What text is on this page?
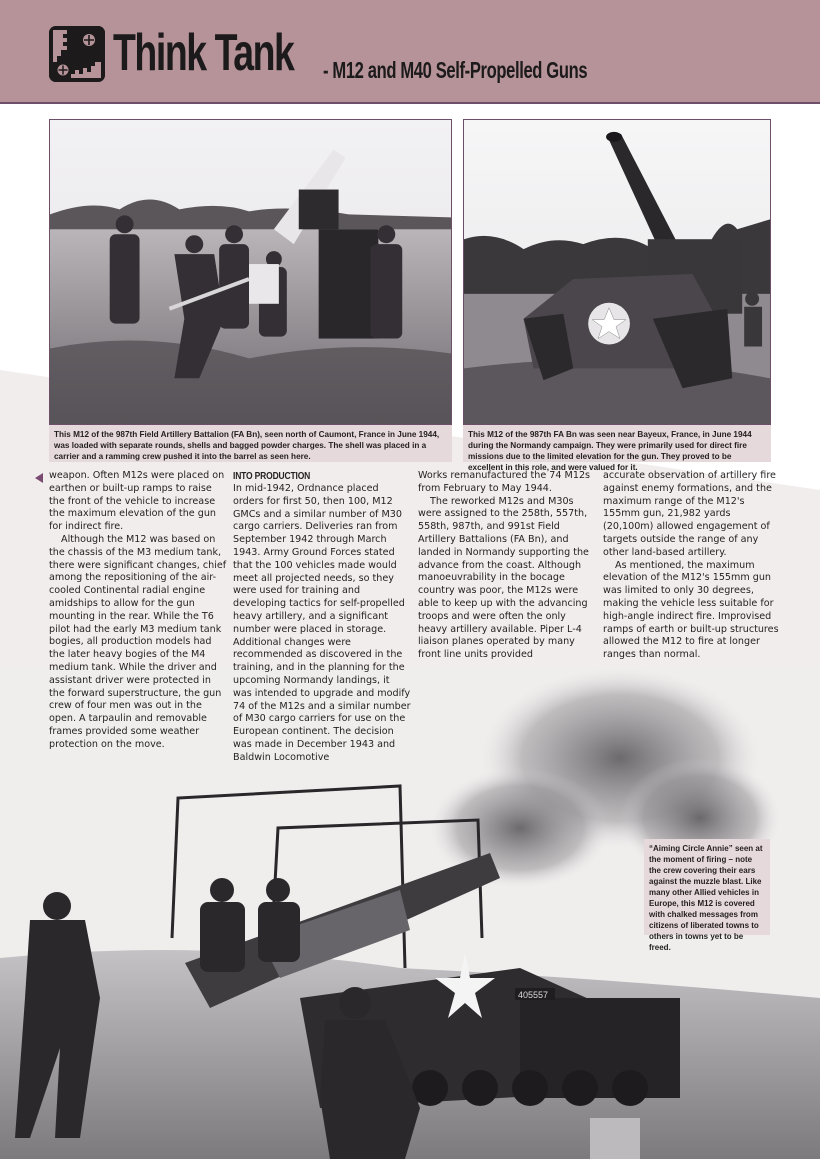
Think Tank - M12 and M40 Self-Propelled Guns
This M12 of the 987th Field Artillery Battalion (FA Bn), seen north of Caumont, France in June 1944, was loaded with separate rounds, shells and bagged powder charges. The shell was placed in a carrier and a ramming crew pushed it into the barrel as seen here.
This M12 of the 987th FA Bn was seen near Bayeux, France, in June 1944 during the Normandy campaign. They were primarily used for direct fire missions due to the limited elevation for the gun. They proved to be excellent in this role, and were valued for it.

weapon. Often M12s were placed on earthen or built-up ramps to raise the front of the vehicle to increase the maximum elevation of the gun for indirect fire.

Although the M12 was based on the chassis of the M3 medium tank, there were significant changes, chief among the repositioning of the air-cooled Continental radial engine amidships to allow for the gun mounting in the rear. While the T6 pilot had the early M3 medium tank bogies, all production models had the later heavy bogies of the M4 medium tank. While the driver and assistant driver were protected in the forward superstructure, the gun crew of four men was out in the open. A tarpaulin and removable frames provided some weather protection on the move.

INTO PRODUCTION

In mid-1942, Ordnance placed orders for first 50, then 100, M12 GMCs and a similar number of M30 cargo carriers. Deliveries ran from September 1942 through March 1943. Army Ground Forces stated that the 100 vehicles made would meet all projected needs, so they were used for training and developing tactics for self-propelled heavy artillery, and a significant number were placed in storage. Additional changes were recommended as discovered in the training, and in the planning for the upcoming Normandy landings, it was intended to upgrade and modify 74 of the M12s and a similar number of M30 cargo carriers for use on the European continent. The decision was made in December 1943 and Baldwin Locomotive

Works remanufactured the 74 M12s from February to May 1944.

The reworked M12s and M30s were assigned to the 258th, 557th, 558th, 987th, and 991st Field Artillery Battalions (FA Bn), and landed in Normandy supporting the advance from the coast. Although manoeuvrability in the bocage country was poor, the M12s were able to keep up with the advancing troops and were often the only heavy artillery available. Piper L-4 liaison planes operated by many front line units provided

accurate observation of artillery fire against enemy formations, and the maximum range of the M12's 155mm gun, 21,982 yards (20,100m) allowed engagement of targets outside the range of any other land-based artillery.

As mentioned, the maximum elevation of the M12's 155mm gun was limited to only 30 degrees, making the vehicle less suitable for high-angle indirect fire. Improvised ramps of earth or built-up structures allowed the M12 to fire at longer ranges than normal.

405557
“Aiming Circle Annie” seen at the moment of firing – note the crew covering their ears against the muzzle blast. Like many other Allied vehicles in Europe, this M12 is covered with chalked messages from citizens of liberated towns to others in towns yet to be freed.
